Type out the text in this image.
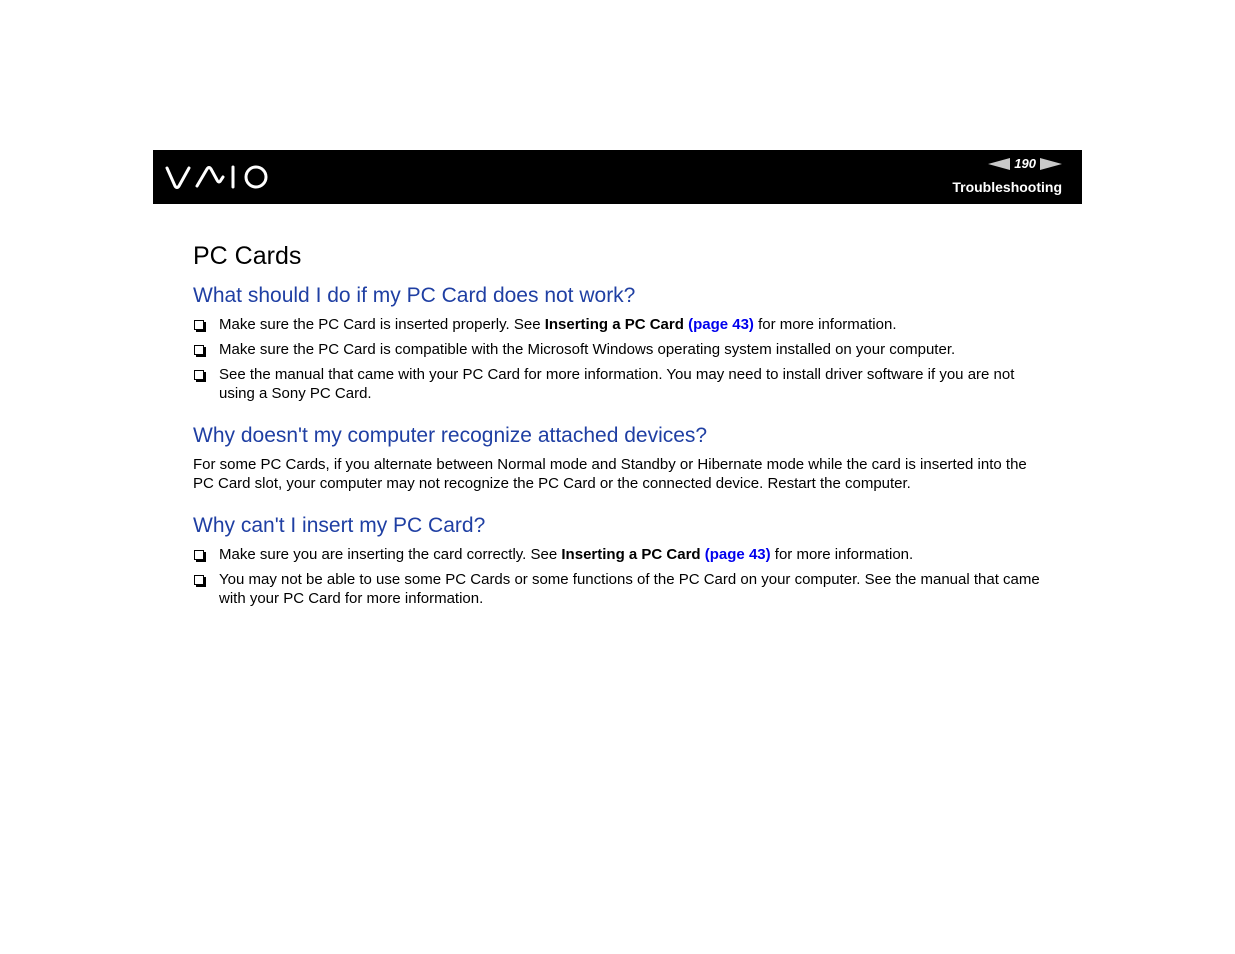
190
Troubleshooting
PC Cards
What should I do if my PC Card does not work?
Make sure the PC Card is inserted properly. See Inserting a PC Card (page 43) for more information.
Make sure the PC Card is compatible with the Microsoft Windows operating system installed on your computer.
See the manual that came with your PC Card for more information. You may need to install driver software if you are not using a Sony PC Card.
Why doesn't my computer recognize attached devices?

For some PC Cards, if you alternate between Normal mode and Standby or Hibernate mode while the card is inserted into the PC Card slot, your computer may not recognize the PC Card or the connected device. Restart the computer.

Why can't I insert my PC Card?
Make sure you are inserting the card correctly. See Inserting a PC Card (page 43) for more information.
You may not be able to use some PC Cards or some functions of the PC Card on your computer. See the manual that came with your PC Card for more information.
